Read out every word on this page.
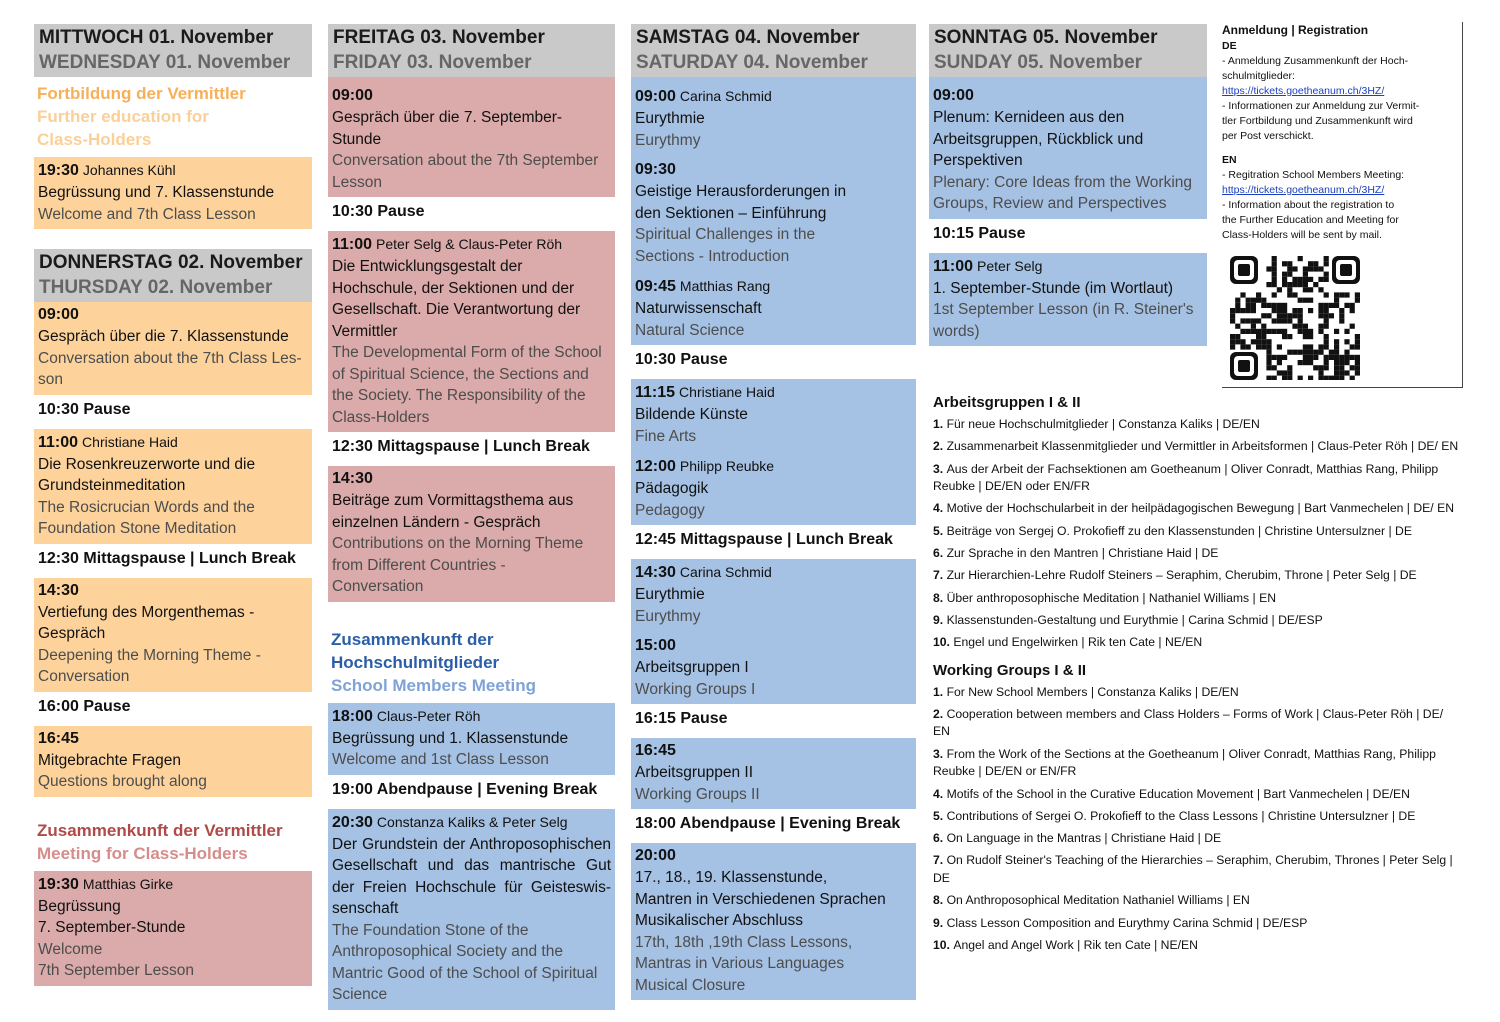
MITTWOCH 01. November
WEDNESDAY 01. November
Fortbildung der Vermittler
Further education for
Class-Holders
19:30 Johannes Kühl
Begrüssung und 7. Klassenstunde
Welcome and 7th Class Lesson
DONNERSTAG 02. November
THURSDAY 02. November
09:00
Gespräch über die 7. Klassenstunde
Conversation about the 7th Class Les-
son
10:30 Pause
11:00 Christiane Haid
Die Rosenkreuzerworte und die
Grundsteinmeditation
The Rosicrucian Words and the
Foundation Stone Meditation
12:30 Mittagspause | Lunch Break
14:30
Vertiefung des Morgenthemas -
Gespräch
Deepening the Morning Theme -
Conversation
16:00 Pause
16:45
Mitgebrachte Fragen
Questions brought along
Zusammenkunft der Vermittler
Meeting for Class-Holders
19:30 Matthias Girke
Begrüssung
7. September-Stunde
Welcome
7th September Lesson
FREITAG 03. November
FRIDAY 03. November
09:00
Gespräch über die 7. September-Stunde
Conversation about the 7th September
Lesson
10:30 Pause
11:00 Peter Selg & Claus-Peter Röh
Die Entwicklungsgestalt der
Hochschule, der Sektionen und der
Gesellschaft. Die Verantwortung der
Vermittler
The Developmental Form of the School
of Spiritual Science, the Sections and
the Society. The Responsibility of the
Class-Holders
12:30 Mittagspause | Lunch Break
14:30
Beiträge zum Vormittagsthema aus
einzelnen Ländern - Gespräch
Contributions on the Morning Theme
from Different Countries -
Conversation
Zusammenkunft der
Hochschulmitglieder
School Members Meeting
18:00 Claus-Peter Röh
Begrüssung und 1. Klassenstunde
Welcome and 1st Class Lesson
19:00 Abendpause | Evening Break
20:30 Constanza Kaliks & Peter Selg
Der Grundstein der Anthroposophischen Gesellschaft und das mantrische Gut der Freien Hochschule für Geisteswis-senschaft
The Foundation Stone of the
Anthroposophical Society and the
Mantric Good of the School of Spiritual
Science
SAMSTAG 04. November
SATURDAY 04. November
09:00 Carina Schmid
Eurythmie
Eurythmy
09:30
Geistige Herausforderungen in
den Sektionen – Einführung
Spiritual Challenges in the
Sections - Introduction
09:45 Matthias Rang
Naturwissenschaft
Natural Science
10:30 Pause
11:15 Christiane Haid
Bildende Künste
Fine Arts
12:00 Philipp Reubke
Pädagogik
Pedagogy
12:45 Mittagspause | Lunch Break
14:30 Carina Schmid
Eurythmie
Eurythmy
15:00
Arbeitsgruppen I
Working Groups I
16:15 Pause
16:45
Arbeitsgruppen II
Working Groups II
18:00 Abendpause | Evening Break
20:00
17., 18., 19. Klassenstunde,
Mantren in Verschiedenen Sprachen
Musikalischer Abschluss
17th, 18th ,19th Class Lessons,
Mantras in Various Languages
Musical Closure
SONNTAG 05. November
SUNDAY 05. November
09:00
Plenum: Kernideen aus den
Arbeitsgruppen, Rückblick und
Perspektiven
Plenary: Core Ideas from the Working
Groups, Review and Perspectives
10:15 Pause
11:00 Peter Selg
1. September-Stunde (im Wortlaut)
1st September Lesson (in R. Steiner's
words)
Anmeldung | Registration
DE
- Anmeldung Zusammenkunft der Hoch-
schulmitglieder:
https://tickets.goetheanum.ch/3HZ/
- Informationen zur Anmeldung zur Vermit-
tler Fortbildung und Zusammenkunft wird
per Post verschickt.
EN
- Regitration School Members Meeting:
https://tickets.goetheanum.ch/3HZ/
- Information about the registration to
the Further Education and Meeting for
Class-Holders will be sent by mail.
Arbeitsgruppen I & II
1. Für neue Hochschulmitglieder | Constanza Kaliks | DE/EN
2. Zusammenarbeit Klassenmitglieder und Vermittler in Arbeitsformen | Claus-Peter Röh | DE/ EN
3. Aus der Arbeit der Fachsektionen am Goetheanum | Oliver Conradt, Matthias Rang, Philipp Reubke | DE/EN oder EN/FR
4. Motive der Hochschularbeit in der heilpädagogischen Bewegung | Bart Vanmechelen | DE/ EN
5. Beiträge von Sergej O. Prokofieff zu den Klassenstunden | Christine Untersulzner | DE
6. Zur Sprache in den Mantren | Christiane Haid | DE
7. Zur Hierarchien-Lehre Rudolf Steiners – Seraphim, Cherubim, Throne | Peter Selg | DE
8. Über anthroposophische Meditation | Nathaniel Williams | EN
9. Klassenstunden-Gestaltung und Eurythmie | Carina Schmid | DE/ESP
10. Engel und Engelwirken | Rik ten Cate | NE/EN
Working Groups I & II
1. For New School Members | Constanza Kaliks | DE/EN
2. Cooperation between members and Class Holders – Forms of Work | Claus-Peter Röh | DE/ EN
3. From the Work of the Sections at the Goetheanum | Oliver Conradt, Matthias Rang, Philipp Reubke | DE/EN or EN/FR
4. Motifs of the School in the Curative Education Movement | Bart Vanmechelen | DE/EN
5. Contributions of Sergei O. Prokofieff to the Class Lessons | Christine Untersulzner | DE
6. On Language in the Mantras | Christiane Haid | DE
7. On Rudolf Steiner's Teaching of the Hierarchies – Seraphim, Cherubim, Thrones | Peter Selg | DE
8. On Anthroposophical Meditation Nathaniel Williams | EN
9. Class Lesson Composition and Eurythmy Carina Schmid | DE/ESP
10. Angel and Angel Work | Rik ten Cate | NE/EN
